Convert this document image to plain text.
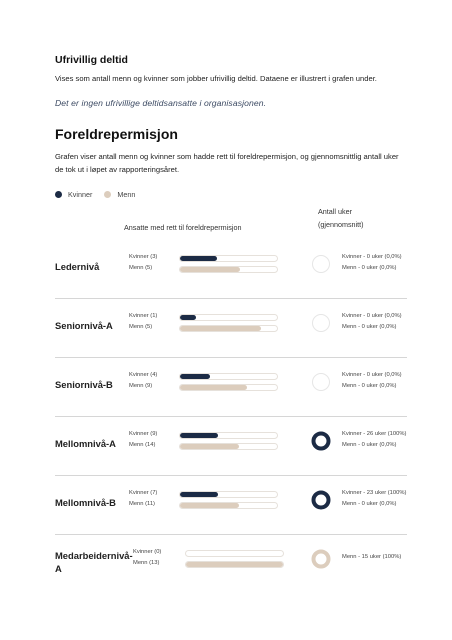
Ufrivillig deltid
Vises som antall menn og kvinner som jobber ufrivillig deltid. Dataene er illustrert i grafen under.
Det er ingen ufrivillige deltidsansatte i organisasjonen.
Foreldrepermisjon
Grafen viser antall menn og kvinner som hadde rett til foreldrepermisjon, og gjennomsnittlig antall uker de tok ut i løpet av rapporteringsåret.
Kvinner	Menn
Ansatte med rett til foreldrepermisjon
Antall uker
(gjennomsnitt)
Ledernivå
Kvinner (3)
Menn (5)
Kvinner - 0 uker (0,0%)
Menn - 0 uker (0,0%)
Seniornivå-A
Kvinner (1)
Menn (5)
Kvinner - 0 uker (0,0%)
Menn - 0 uker (0,0%)
Seniornivå-B
Kvinner (4)
Menn (9)
Kvinner - 0 uker (0,0%)
Menn - 0 uker (0,0%)
Mellomnivå-A
Kvinner (9)
Menn (14)
Kvinner - 26 uker (100%)
Menn - 0 uker (0,0%)
Mellomnivå-B
Kvinner (7)
Menn (11)
Kvinner - 23 uker (100%)
Menn - 0 uker (0,0%)
Medarbeidernivå-A
Kvinner (0)
Menn (13)
Menn - 15 uker (100%)
